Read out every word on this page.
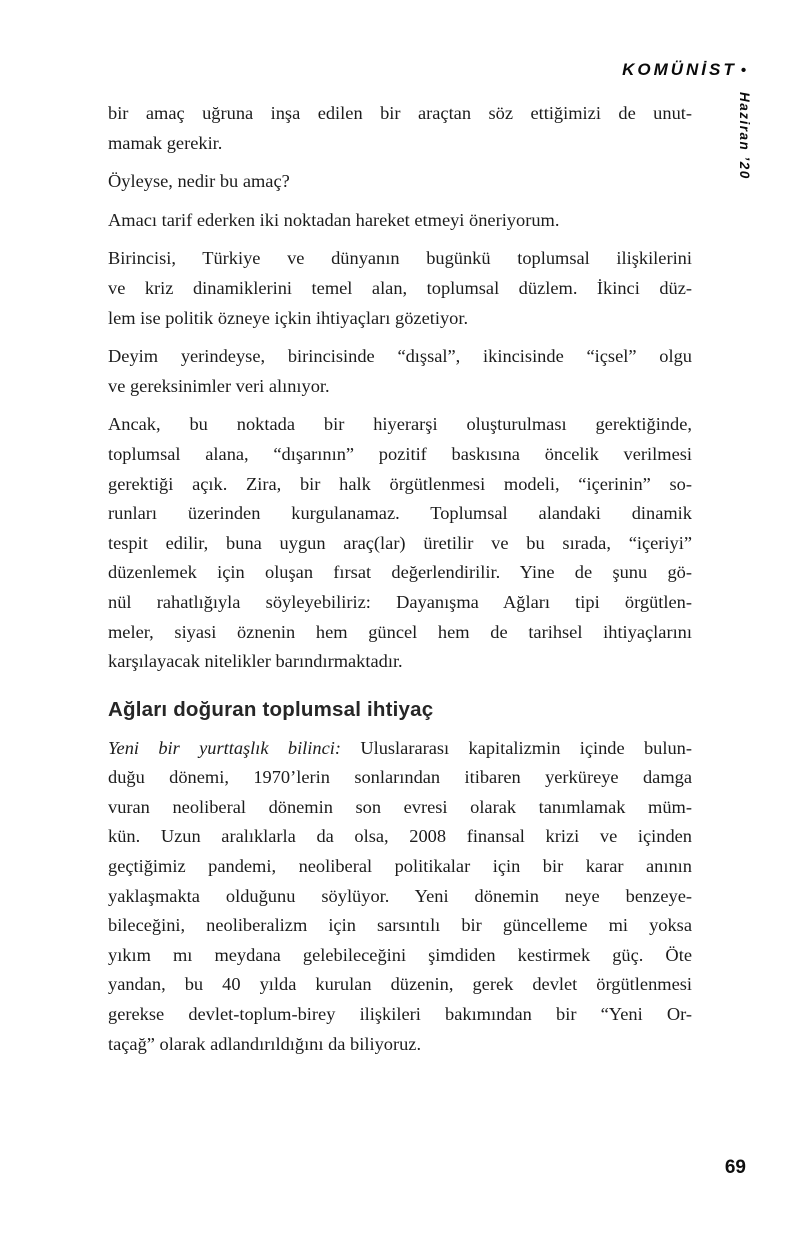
KOMÜNİST •
Haziran ’20

bir amaç uğruna inşa edilen bir araçtan söz ettiğimizi de unut-
mamak gerekir.

Öyleyse, nedir bu amaç?

Amacı tarif ederken iki noktadan hareket etmeyi öneriyorum.

Birincisi, Türkiye ve dünyanın bugünkü toplumsal ilişkilerini
ve kriz dinamiklerini temel alan, toplumsal düzlem. İkinci düz-
lem ise politik özneye içkin ihtiyaçları gözetiyor.

Deyim yerindeyse, birincisinde “dışsal”, ikincisinde “içsel” olgu
ve gereksinimler veri alınıyor.

Ancak, bu noktada bir hiyerarşi oluşturulması gerektiğinde,
toplumsal alana, “dışarının” pozitif baskısına öncelik verilmesi
gerektiği açık. Zira, bir halk örgütlenmesi modeli, “içerinin” so-
runları üzerinden kurgulanamaz. Toplumsal alandaki dinamik
tespit edilir, buna uygun araç(lar) üretilir ve bu sırada, “içeriyi”
düzenlemek için oluşan fırsat değerlendirilir. Yine de şunu gö-
nül rahatlığıyla söyleyebiliriz: Dayanışma Ağları tipi örgütlen-
meler, siyasi öznenin hem güncel hem de tarihsel ihtiyaçlarını
karşılayacak nitelikler barındırmaktadır.

Ağları doğuran toplumsal ihtiyaç

Yeni bir yurttaşlık bilinci: Uluslararası kapitalizmin içinde bulun-
duğu dönemi, 1970’lerin sonlarından itibaren yerküreye damga
vuran neoliberal dönemin son evresi olarak tanımlamak müm-
kün. Uzun aralıklarla da olsa, 2008 finansal krizi ve içinden
geçtiğimiz pandemi, neoliberal politikalar için bir karar anının
yaklaşmakta olduğunu söylüyor. Yeni dönemin neye benzeye-
bileceğini, neoliberalizm için sarsıntılı bir güncelleme mi yoksa
yıkım mı meydana gelebileceğini şimdiden kestirmek güç. Öte
yandan, bu 40 yılda kurulan düzenin, gerek devlet örgütlenmesi
gerekse devlet-toplum-birey ilişkileri bakımından bir “Yeni Or-
taçağ” olarak adlandırıldığını da biliyoruz.

69
